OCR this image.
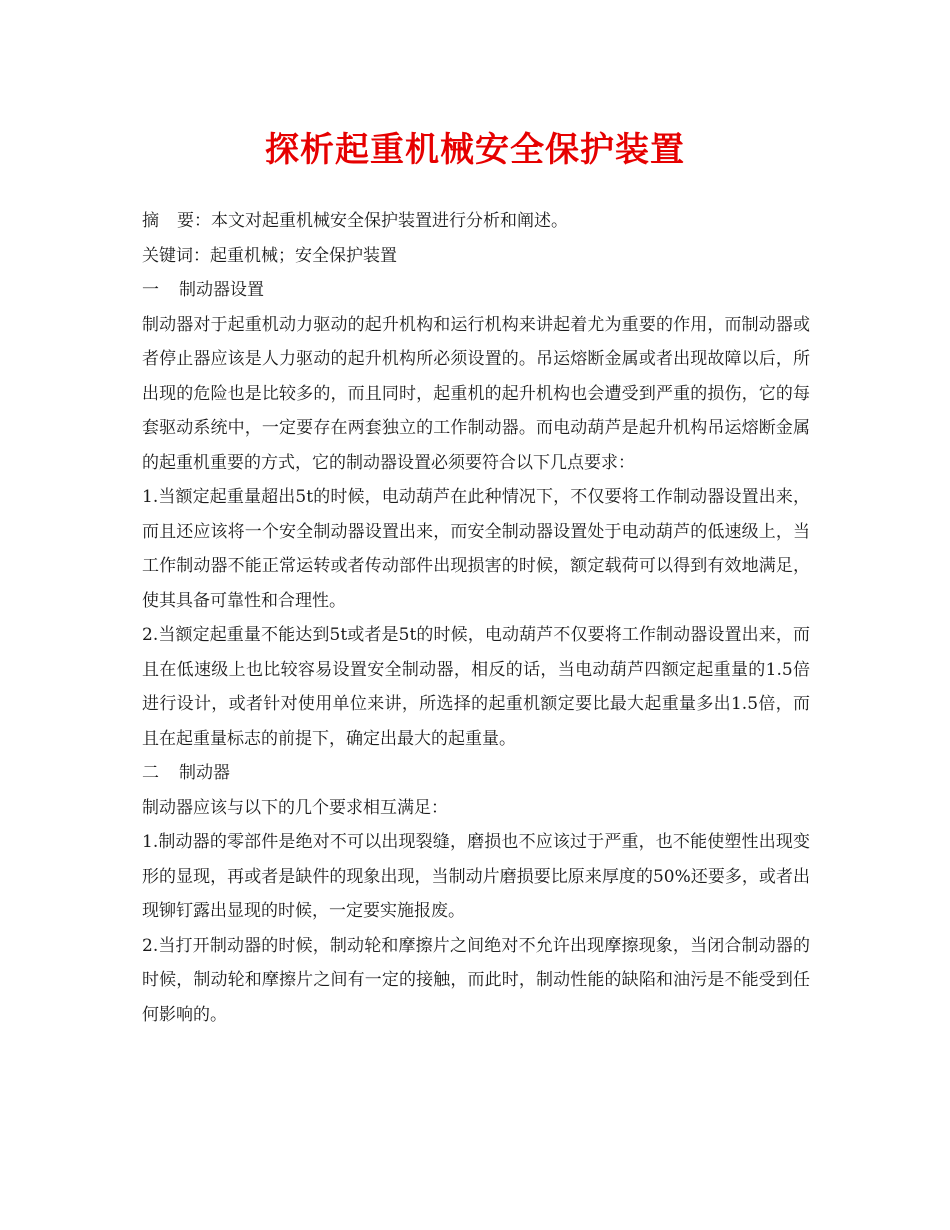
探析起重机械安全保护装置

摘 要：本文对起重机械安全保护装置进行分析和阐述。

关键词：起重机械；安全保护装置

一 制动器设置

制动器对于起重机动力驱动的起升机构和运行机构来讲起着尤为重要的作用，而制动器或者停止器应该是人力驱动的起升机构所必须设置的。吊运熔断金属或者出现故障以后，所出现的危险也是比较多的，而且同时，起重机的起升机构也会遭受到严重的损伤，它的每套驱动系统中，一定要存在两套独立的工作制动器。而电动葫芦是起升机构吊运熔断金属的起重机重要的方式，它的制动器设置必须要符合以下几点要求：

1.当额定起重量超出5t的时候，电动葫芦在此种情况下，不仅要将工作制动器设置出来，而且还应该将一个安全制动器设置出来，而安全制动器设置处于电动葫芦的低速级上，当工作制动器不能正常运转或者传动部件出现损害的时候，额定载荷可以得到有效地满足，使其具备可靠性和合理性。

2.当额定起重量不能达到5t或者是5t的时候，电动葫芦不仅要将工作制动器设置出来，而且在低速级上也比较容易设置安全制动器，相反的话，当电动葫芦四额定起重量的1.5倍进行设计，或者针对使用单位来讲，所选择的起重机额定要比最大起重量多出1.5倍，而且在起重量标志的前提下，确定出最大的起重量。

二 制动器

制动器应该与以下的几个要求相互满足：

1.制动器的零部件是绝对不可以出现裂缝，磨损也不应该过于严重，也不能使塑性出现变形的显现，再或者是缺件的现象出现，当制动片磨损要比原来厚度的50%还要多，或者出现铆钉露出显现的时候，一定要实施报废。

2.当打开制动器的时候，制动轮和摩擦片之间绝对不允许出现摩擦现象，当闭合制动器的时候，制动轮和摩擦片之间有一定的接触，而此时，制动性能的缺陷和油污是不能受到任何影响的。
